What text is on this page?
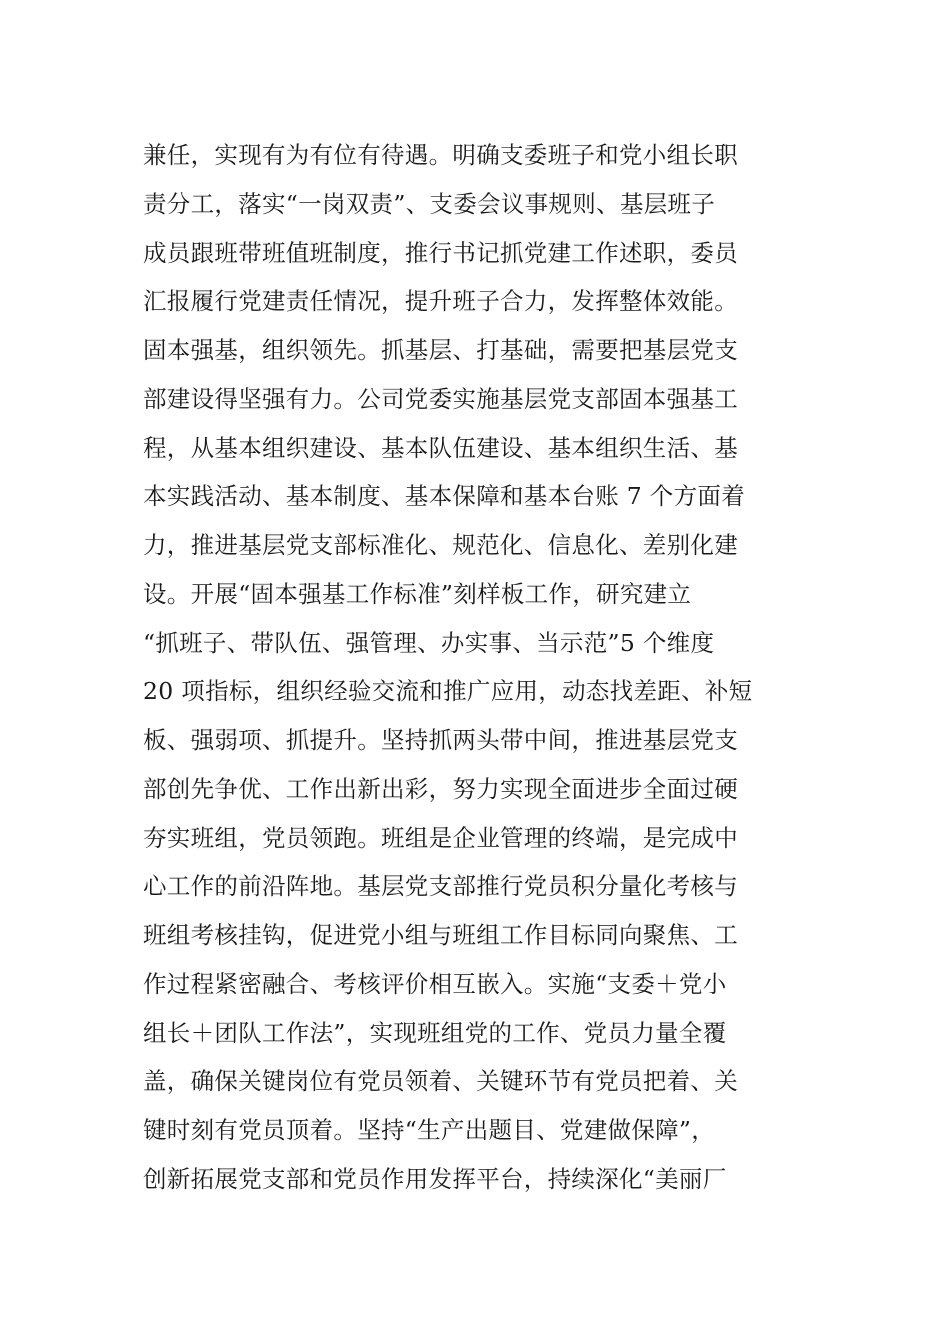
兼任，实现有为有位有待遇。明确支委班子和党小组长职
责分工，落实“一岗双责”、支委会议事规则、基层班子
成员跟班带班值班制度，推行书记抓党建工作述职，委员
汇报履行党建责任情况，提升班子合力，发挥整体效能。
固本强基，组织领先。抓基层、打基础，需要把基层党支
部建设得坚强有力。公司党委实施基层党支部固本强基工
程，从基本组织建设、基本队伍建设、基本组织生活、基
本实践活动、基本制度、基本保障和基本台账 7 个方面着
力，推进基层党支部标准化、规范化、信息化、差别化建
设。开展“固本强基工作标准”刻样板工作，研究建立
“抓班子、带队伍、强管理、办实事、当示范”5 个维度
20 项指标，组织经验交流和推广应用，动态找差距、补短
板、强弱项、抓提升。坚持抓两头带中间，推进基层党支
部创先争优、工作出新出彩，努力实现全面进步全面过硬
夯实班组，党员领跑。班组是企业管理的终端，是完成中
心工作的前沿阵地。基层党支部推行党员积分量化考核与
班组考核挂钩，促进党小组与班组工作目标同向聚焦、工
作过程紧密融合、考核评价相互嵌入。实施“支委＋党小
组长＋团队工作法”，实现班组党的工作、党员力量全覆
盖，确保关键岗位有党员领着、关键环节有党员把着、关
键时刻有党员顶着。坚持“生产出题目、党建做保障”，
创新拓展党支部和党员作用发挥平台，持续深化“美丽厂
